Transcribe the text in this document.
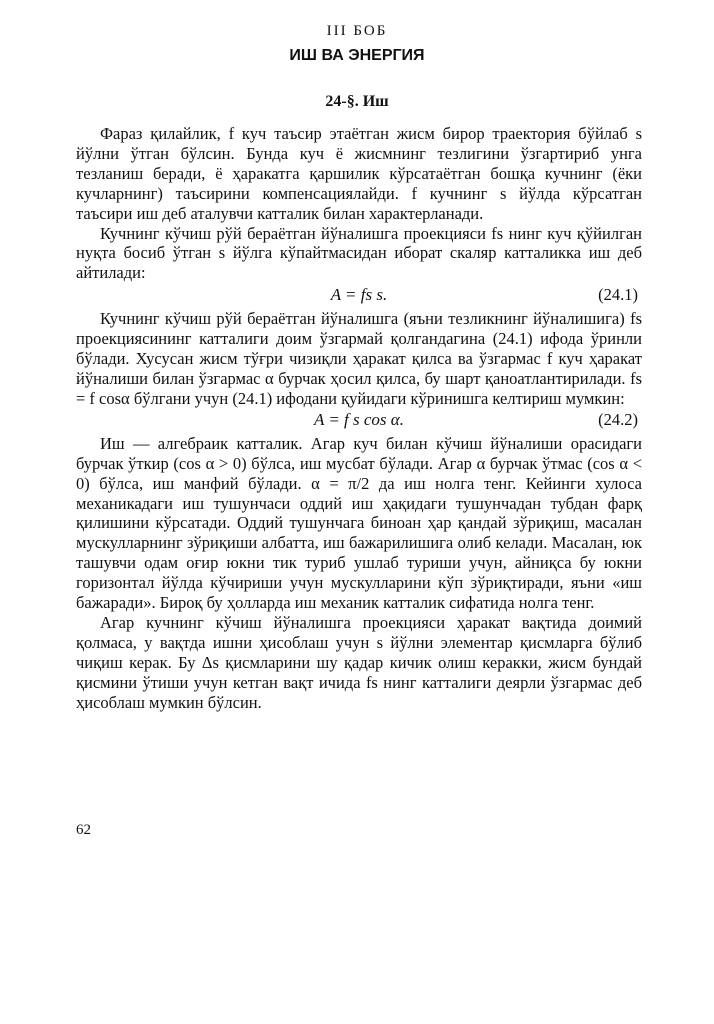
III БОБ
ИШ ВА ЭНЕРГИЯ
24-§. Иш

Фараз қилайлик, f куч таъсир этаётган жисм бирор траектория бўйлаб s йўлни ўтган бўлсин. Бунда куч ё жисмнинг тезлигини ўзгартириб унга тезланиш беради, ё ҳаракатга қаршилик кўрсатаётган бошқа кучнинг (ёки кучларнинг) таъсирини компенсациялайди. f кучнинг s йўлда кўрсатган таъсири иш деб аталувчи катталик билан характерланади.

Кучнинг кўчиш рўй бераётган йўналишга проекцияси fs нинг куч қўйилган нуқта босиб ўтган s йўлга кўпайтмасидан иборат скаляр катталикка иш деб айтилади:

A = fs s.	(24.1)

Кучнинг кўчиш рўй бераётган йўналишга (яъни тезликнинг йўналишига) fs проекциясининг катталиги доим ўзгармай қолгандагина (24.1) ифода ўринли бўлади. Хусусан жисм тўғри чизиқли ҳаракат қилса ва ўзгармас f куч ҳаракат йўналиши билан ўзгармас α бурчак ҳосил қилса, бу шарт қаноатлантирилади. fs = f cosα бўлгани учун (24.1) ифодани қуйидаги кўринишга келтириш мумкин:

A = f s cos α.	(24.2)

Иш — алгебраик катталик. Агар куч билан кўчиш йўналиши орасидаги бурчак ўткир (cos α > 0) бўлса, иш мусбат бўлади. Агар α бурчак ўтмас (cos α < 0) бўлса, иш манфий бўлади. α = π/2 да иш нолга тенг. Кейинги хулоса механикадаги иш тушунчаси оддий иш ҳақидаги тушунчадан тубдан фарқ қилишини кўрсатади. Оддий тушунчага биноан ҳар қандай зўриқиш, масалан мускулларнинг зўриқиши албатта, иш бажарилишига олиб келади. Масалан, юк ташувчи одам оғир юкни тик туриб ушлаб туриши учун, айниқса бу юкни горизонтал йўлда кўчириши учун мускулларини кўп зўриқтиради, яъни «иш бажаради». Бироқ бу ҳолларда иш механик катталик сифатида нолга тенг.

Агар кучнинг кўчиш йўналишга проекцияси ҳаракат вақтида доимий қолмаса, у вақтда ишни ҳисоблаш учун s йўлни элементар қисмларга бўлиб чиқиш керак. Бу Δs қисмларини шу қадар кичик олиш керакки, жисм бундай қисмини ўтиши учун кетган вақт ичида fs нинг катталиги деярли ўзгармас деб ҳисоблаш мумкин бўлсин.

62
